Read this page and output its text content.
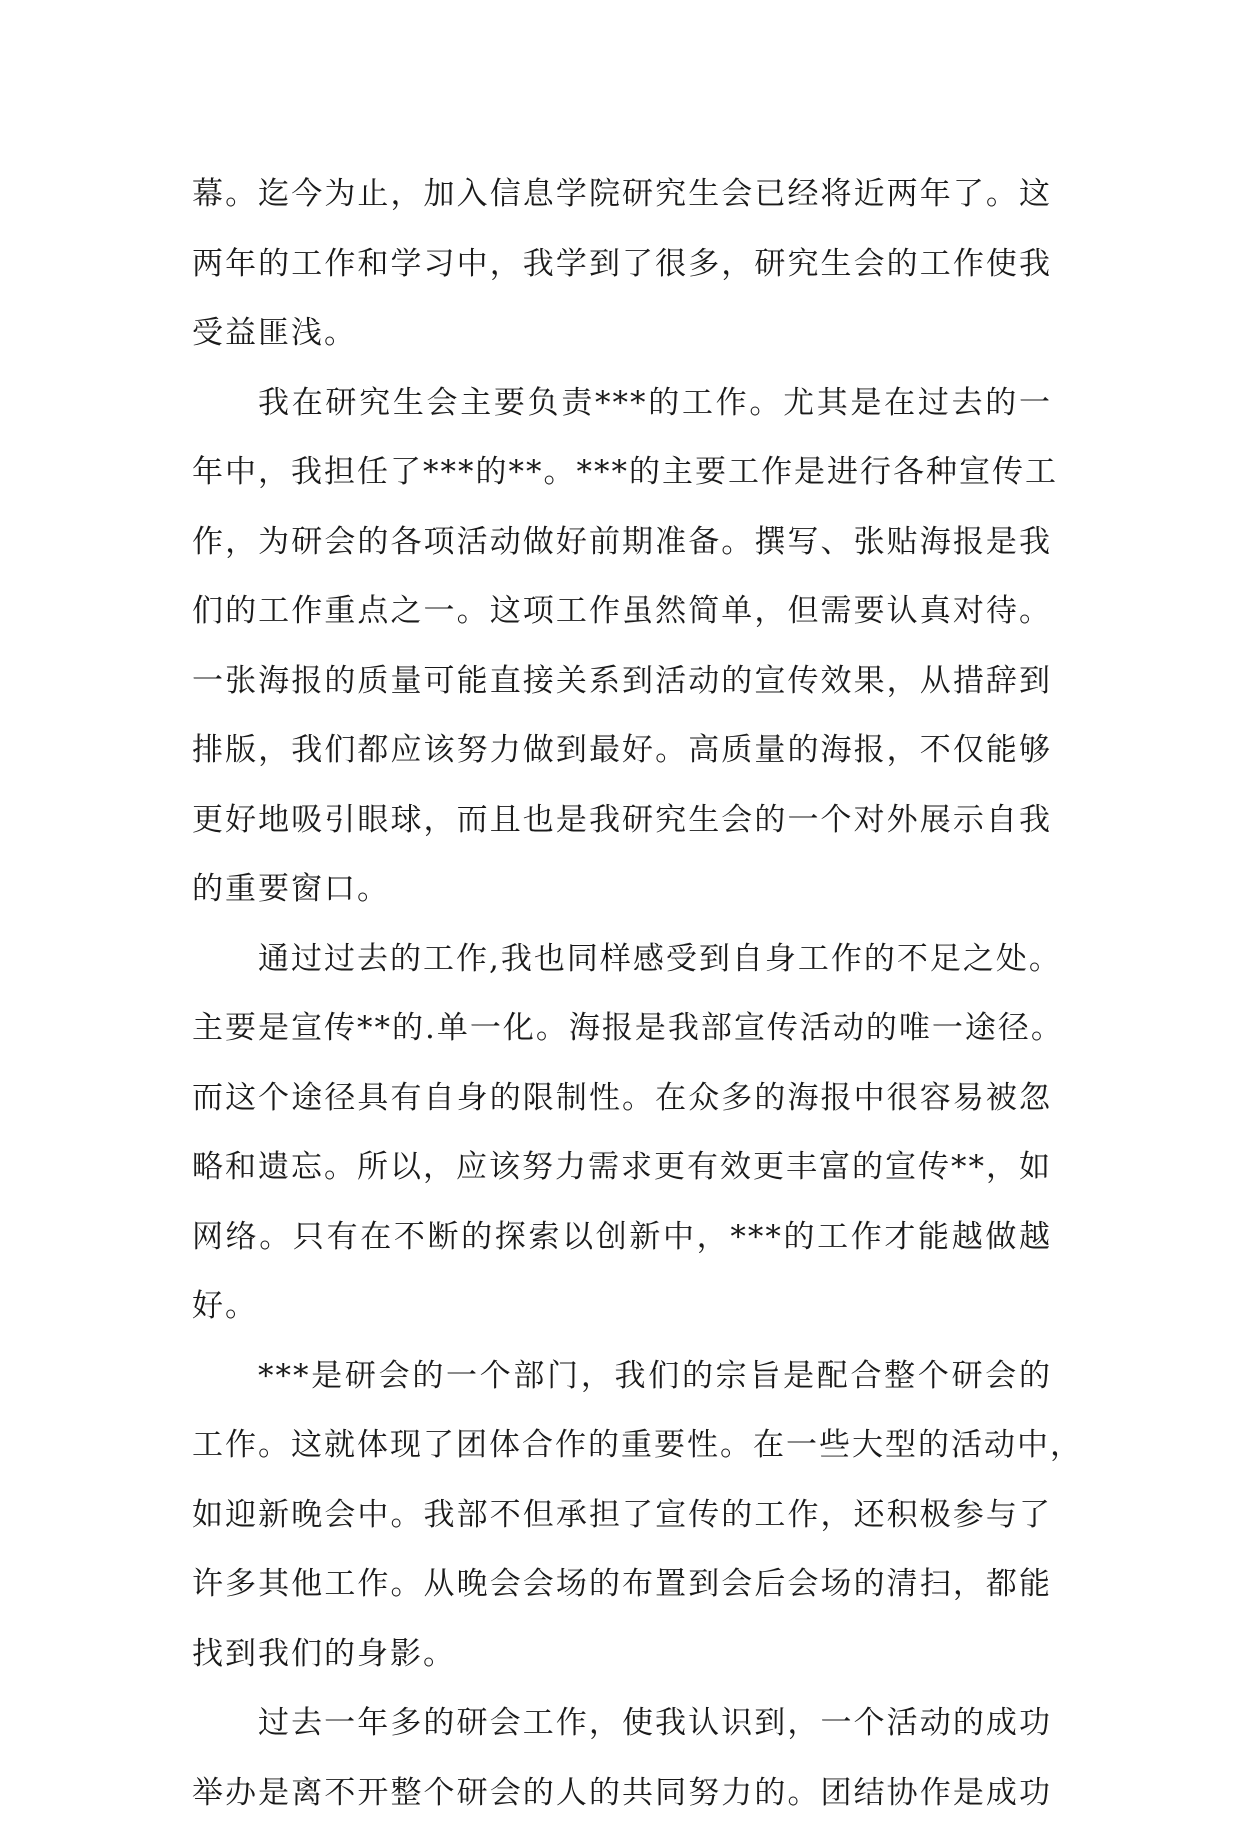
幕。迄今为止，加入信息学院研究生会已经将近两年了。这
两年的工作和学习中，我学到了很多，研究生会的工作使我
受益匪浅。
我在研究生会主要负责***的工作。尤其是在过去的一
年中，我担任了***的**。***的主要工作是进行各种宣传工
作，为研会的各项活动做好前期准备。撰写、张贴海报是我
们的工作重点之一。这项工作虽然简单，但需要认真对待。
一张海报的质量可能直接关系到活动的宣传效果，从措辞到
排版，我们都应该努力做到最好。高质量的海报，不仅能够
更好地吸引眼球，而且也是我研究生会的一个对外展示自我
的重要窗口。
通过过去的工作,我也同样感受到自身工作的不足之处。
主要是宣传**的.单一化。海报是我部宣传活动的唯一途径。
而这个途径具有自身的限制性。在众多的海报中很容易被忽
略和遗忘。所以，应该努力需求更有效更丰富的宣传**，如
网络。只有在不断的探索以创新中，***的工作才能越做越
好。
***是研会的一个部门，我们的宗旨是配合整个研会的
工作。这就体现了团体合作的重要性。在一些大型的活动中，
如迎新晚会中。我部不但承担了宣传的工作，还积极参与了
许多其他工作。从晚会会场的布置到会后会场的清扫，都能
找到我们的身影。
过去一年多的研会工作，使我认识到，一个活动的成功
举办是离不开整个研会的人的共同努力的。团结协作是成功
